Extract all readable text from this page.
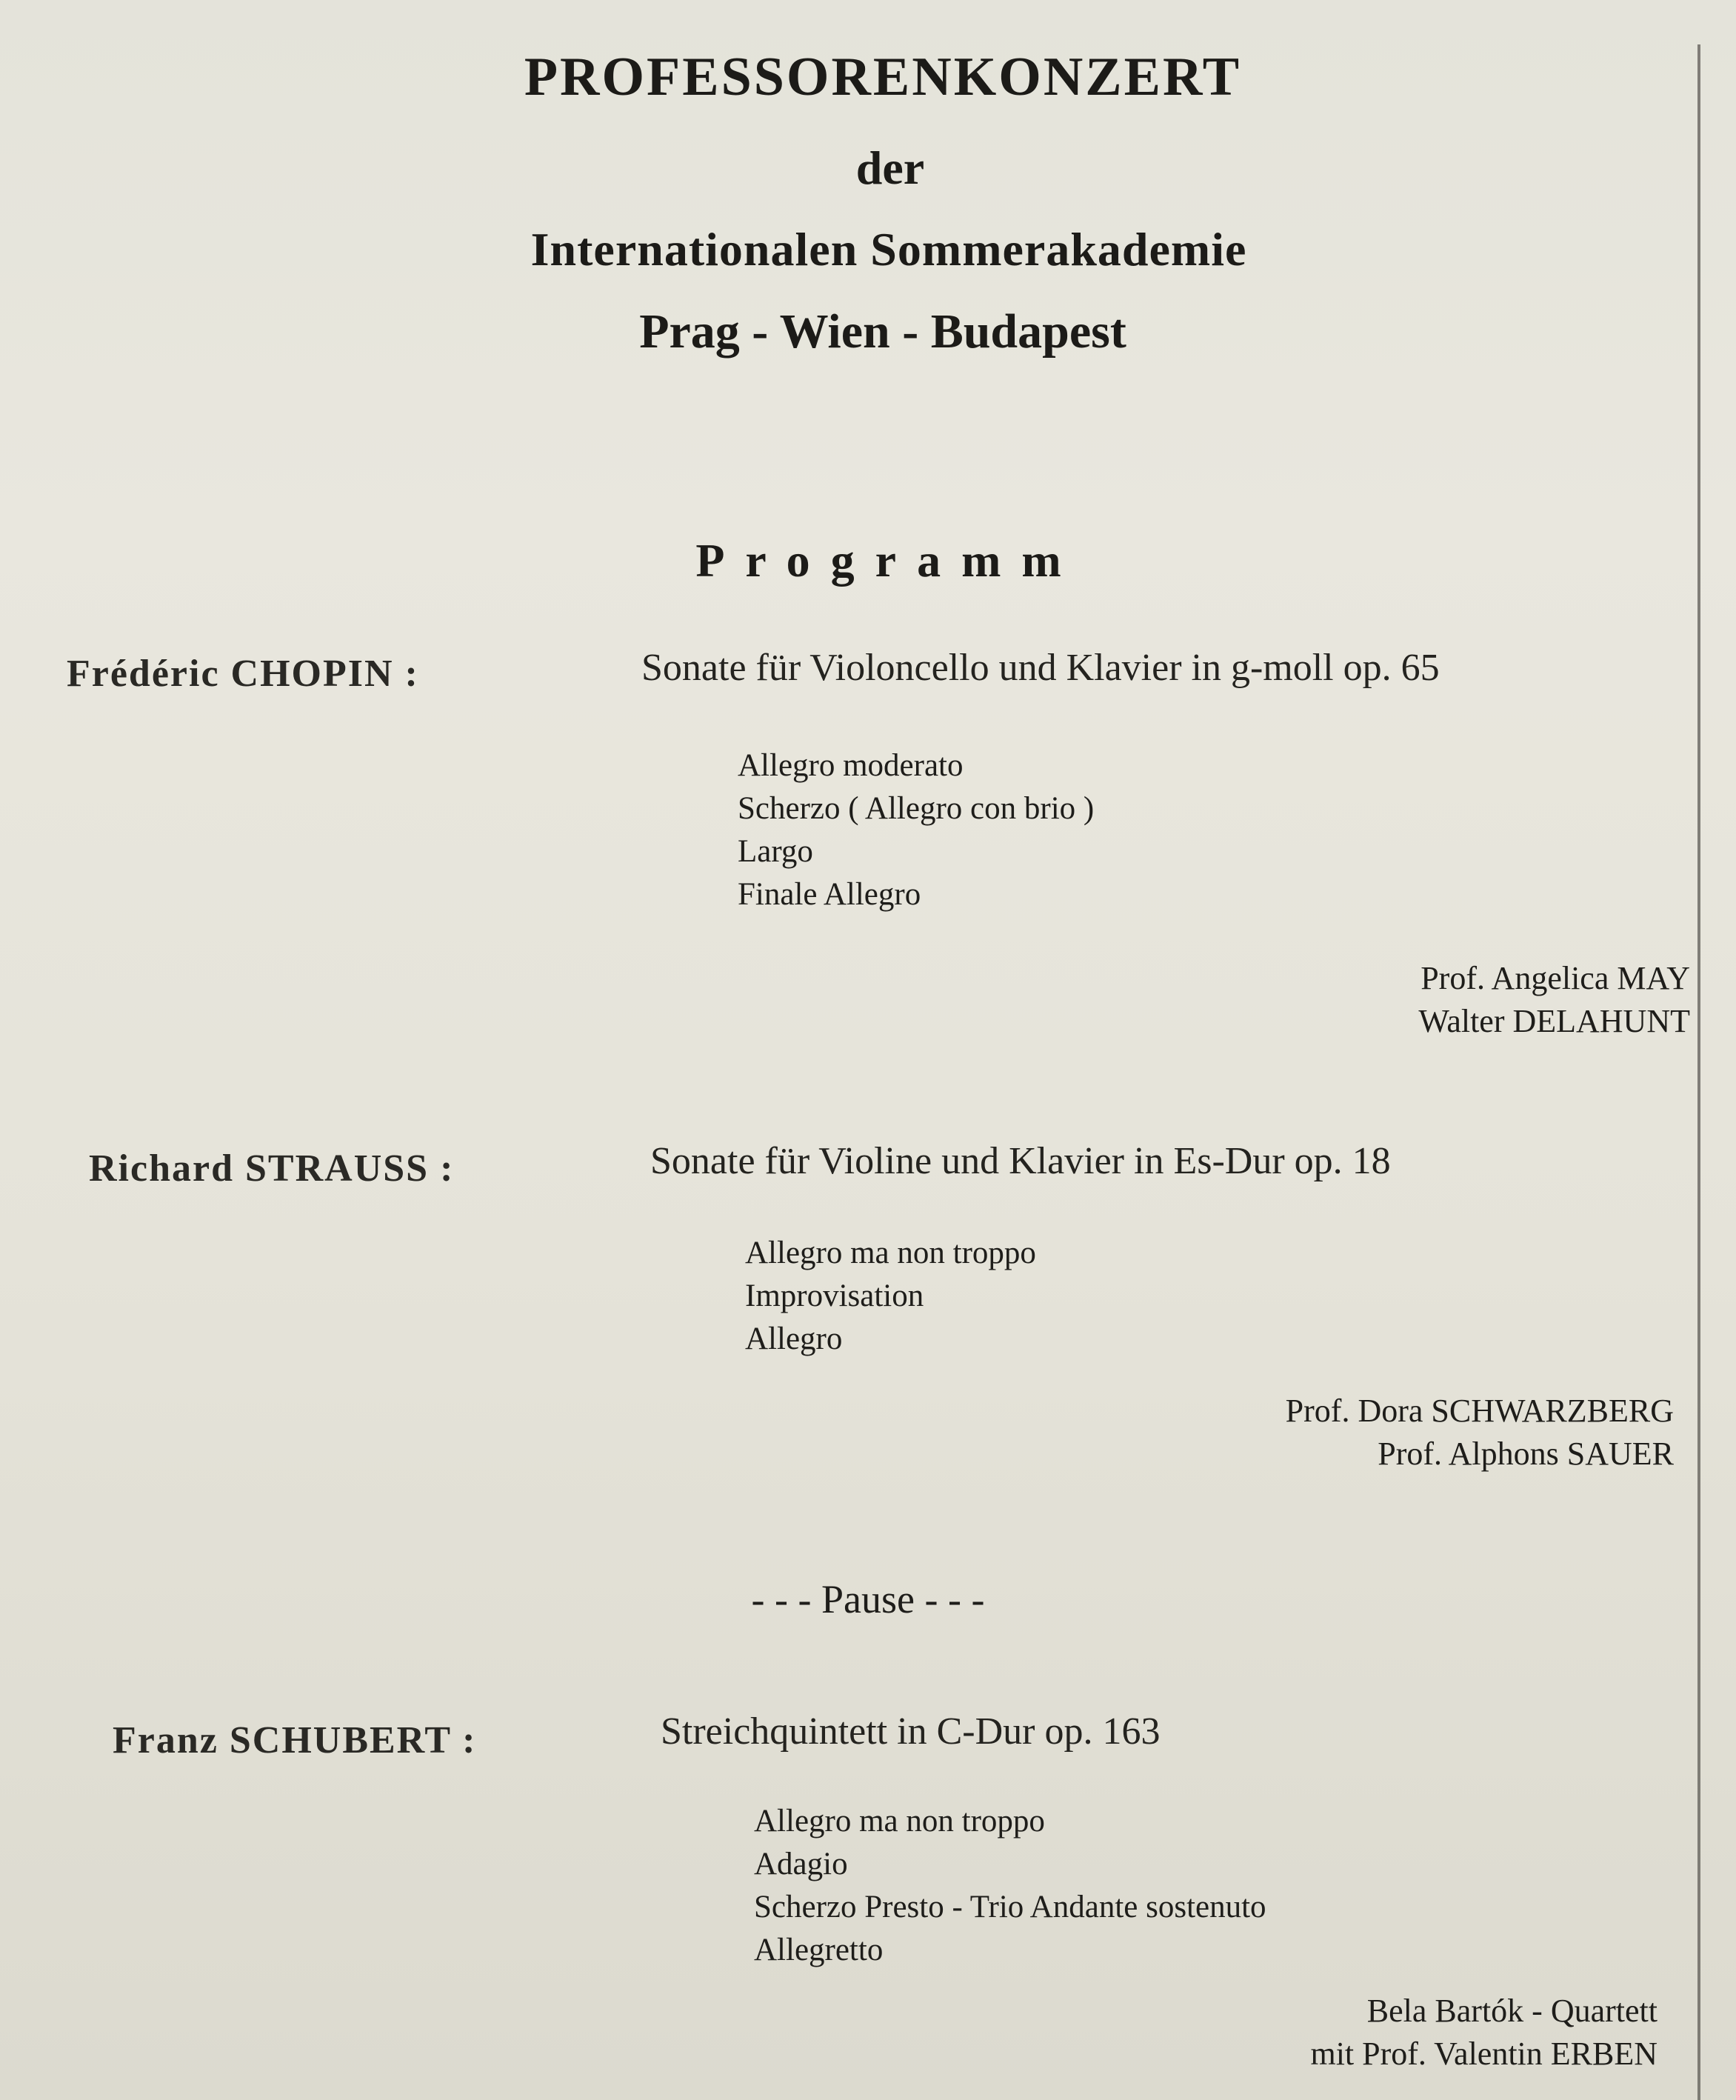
PROFESSORENKONZERT
der
Internationalen Sommerakademie
Prag - Wien - Budapest
Programm
Frédéric CHOPIN :	Sonate für Violoncello und Klavier in g-moll op. 65
Allegro moderato
Scherzo ( Allegro con brio )
Largo
Finale Allegro
Prof. Angelica MAY
Walter DELAHUNT
Richard STRAUSS :	Sonate für Violine und Klavier in Es-Dur op. 18
Allegro ma non troppo
Improvisation
Allegro
Prof. Dora SCHWARZBERG
Prof. Alphons SAUER
- - - Pause - - -
Franz SCHUBERT :	Streichquintett in C-Dur op. 163
Allegro ma non troppo
Adagio
Scherzo Presto - Trio Andante sostenuto
Allegretto
Bela Bartók - Quartett
mit Prof. Valentin ERBEN
